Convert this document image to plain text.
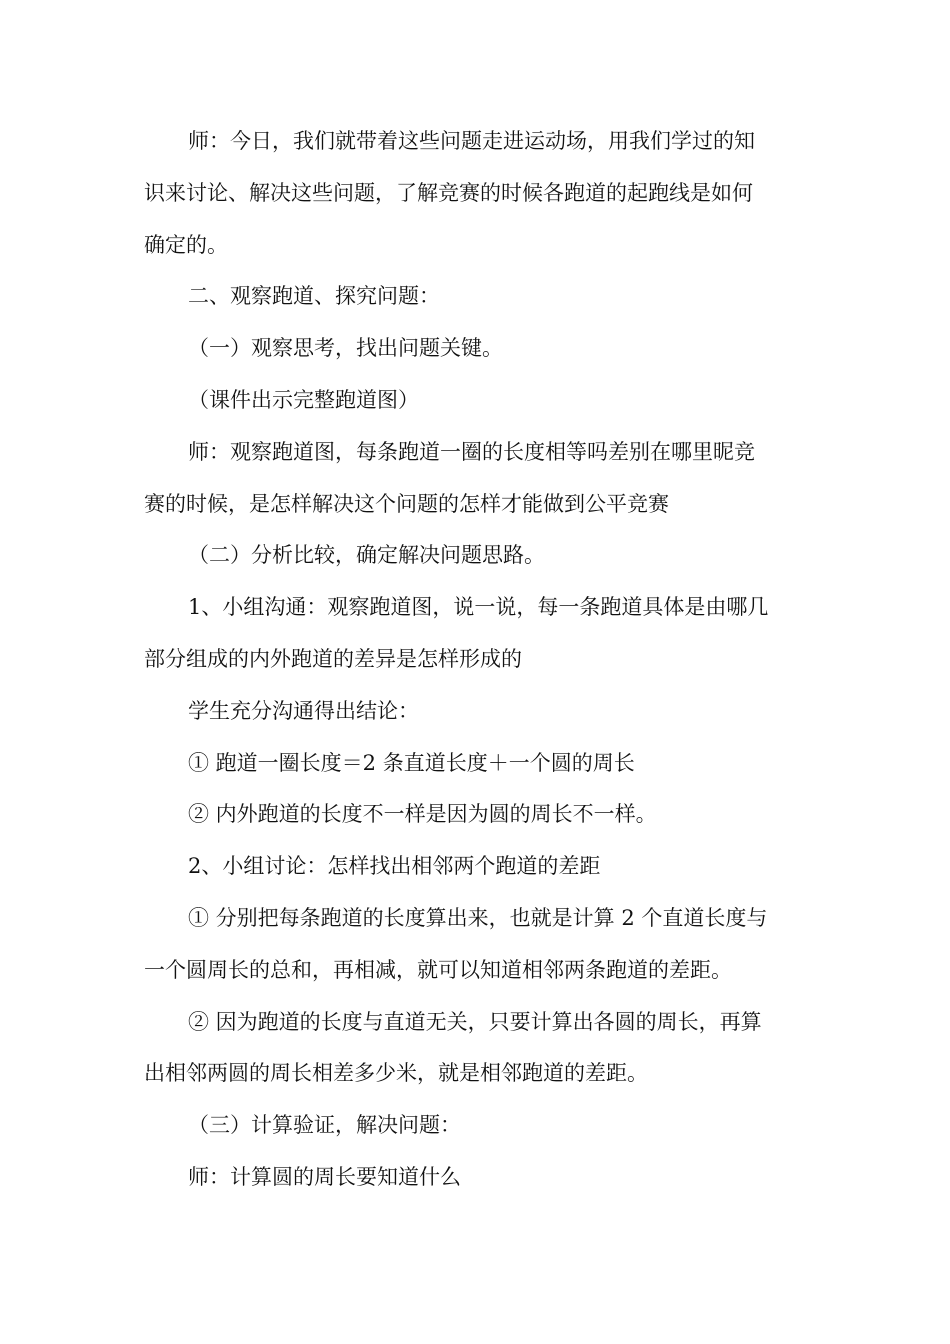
师：今日，我们就带着这些问题走进运动场，用我们学过的知
识来讨论、解决这些问题，了解竞赛的时候各跑道的起跑线是如何
确定的。

二、观察跑道、探究问题：

（一）观察思考，找出问题关键。

（课件出示完整跑道图）

师：观察跑道图，每条跑道一圈的长度相等吗差别在哪里昵竞
赛的时候，是怎样解决这个问题的怎样才能做到公平竞赛

（二）分析比较，确定解决问题思路。

1、小组沟通：观察跑道图，说一说，每一条跑道具体是由哪几
部分组成的内外跑道的差异是怎样形成的

学生充分沟通得出结论：

① 跑道一圈长度＝2 条直道长度＋一个圆的周长

② 内外跑道的长度不一样是因为圆的周长不一样。

2、小组讨论：怎样找出相邻两个跑道的差距

① 分别把每条跑道的长度算出来，也就是计算 2 个直道长度与
一个圆周长的总和，再相减，就可以知道相邻两条跑道的差距。

② 因为跑道的长度与直道无关，只要计算出各圆的周长，再算
出相邻两圆的周长相差多少米，就是相邻跑道的差距。

（三）计算验证，解决问题：

师：计算圆的周长要知道什么
